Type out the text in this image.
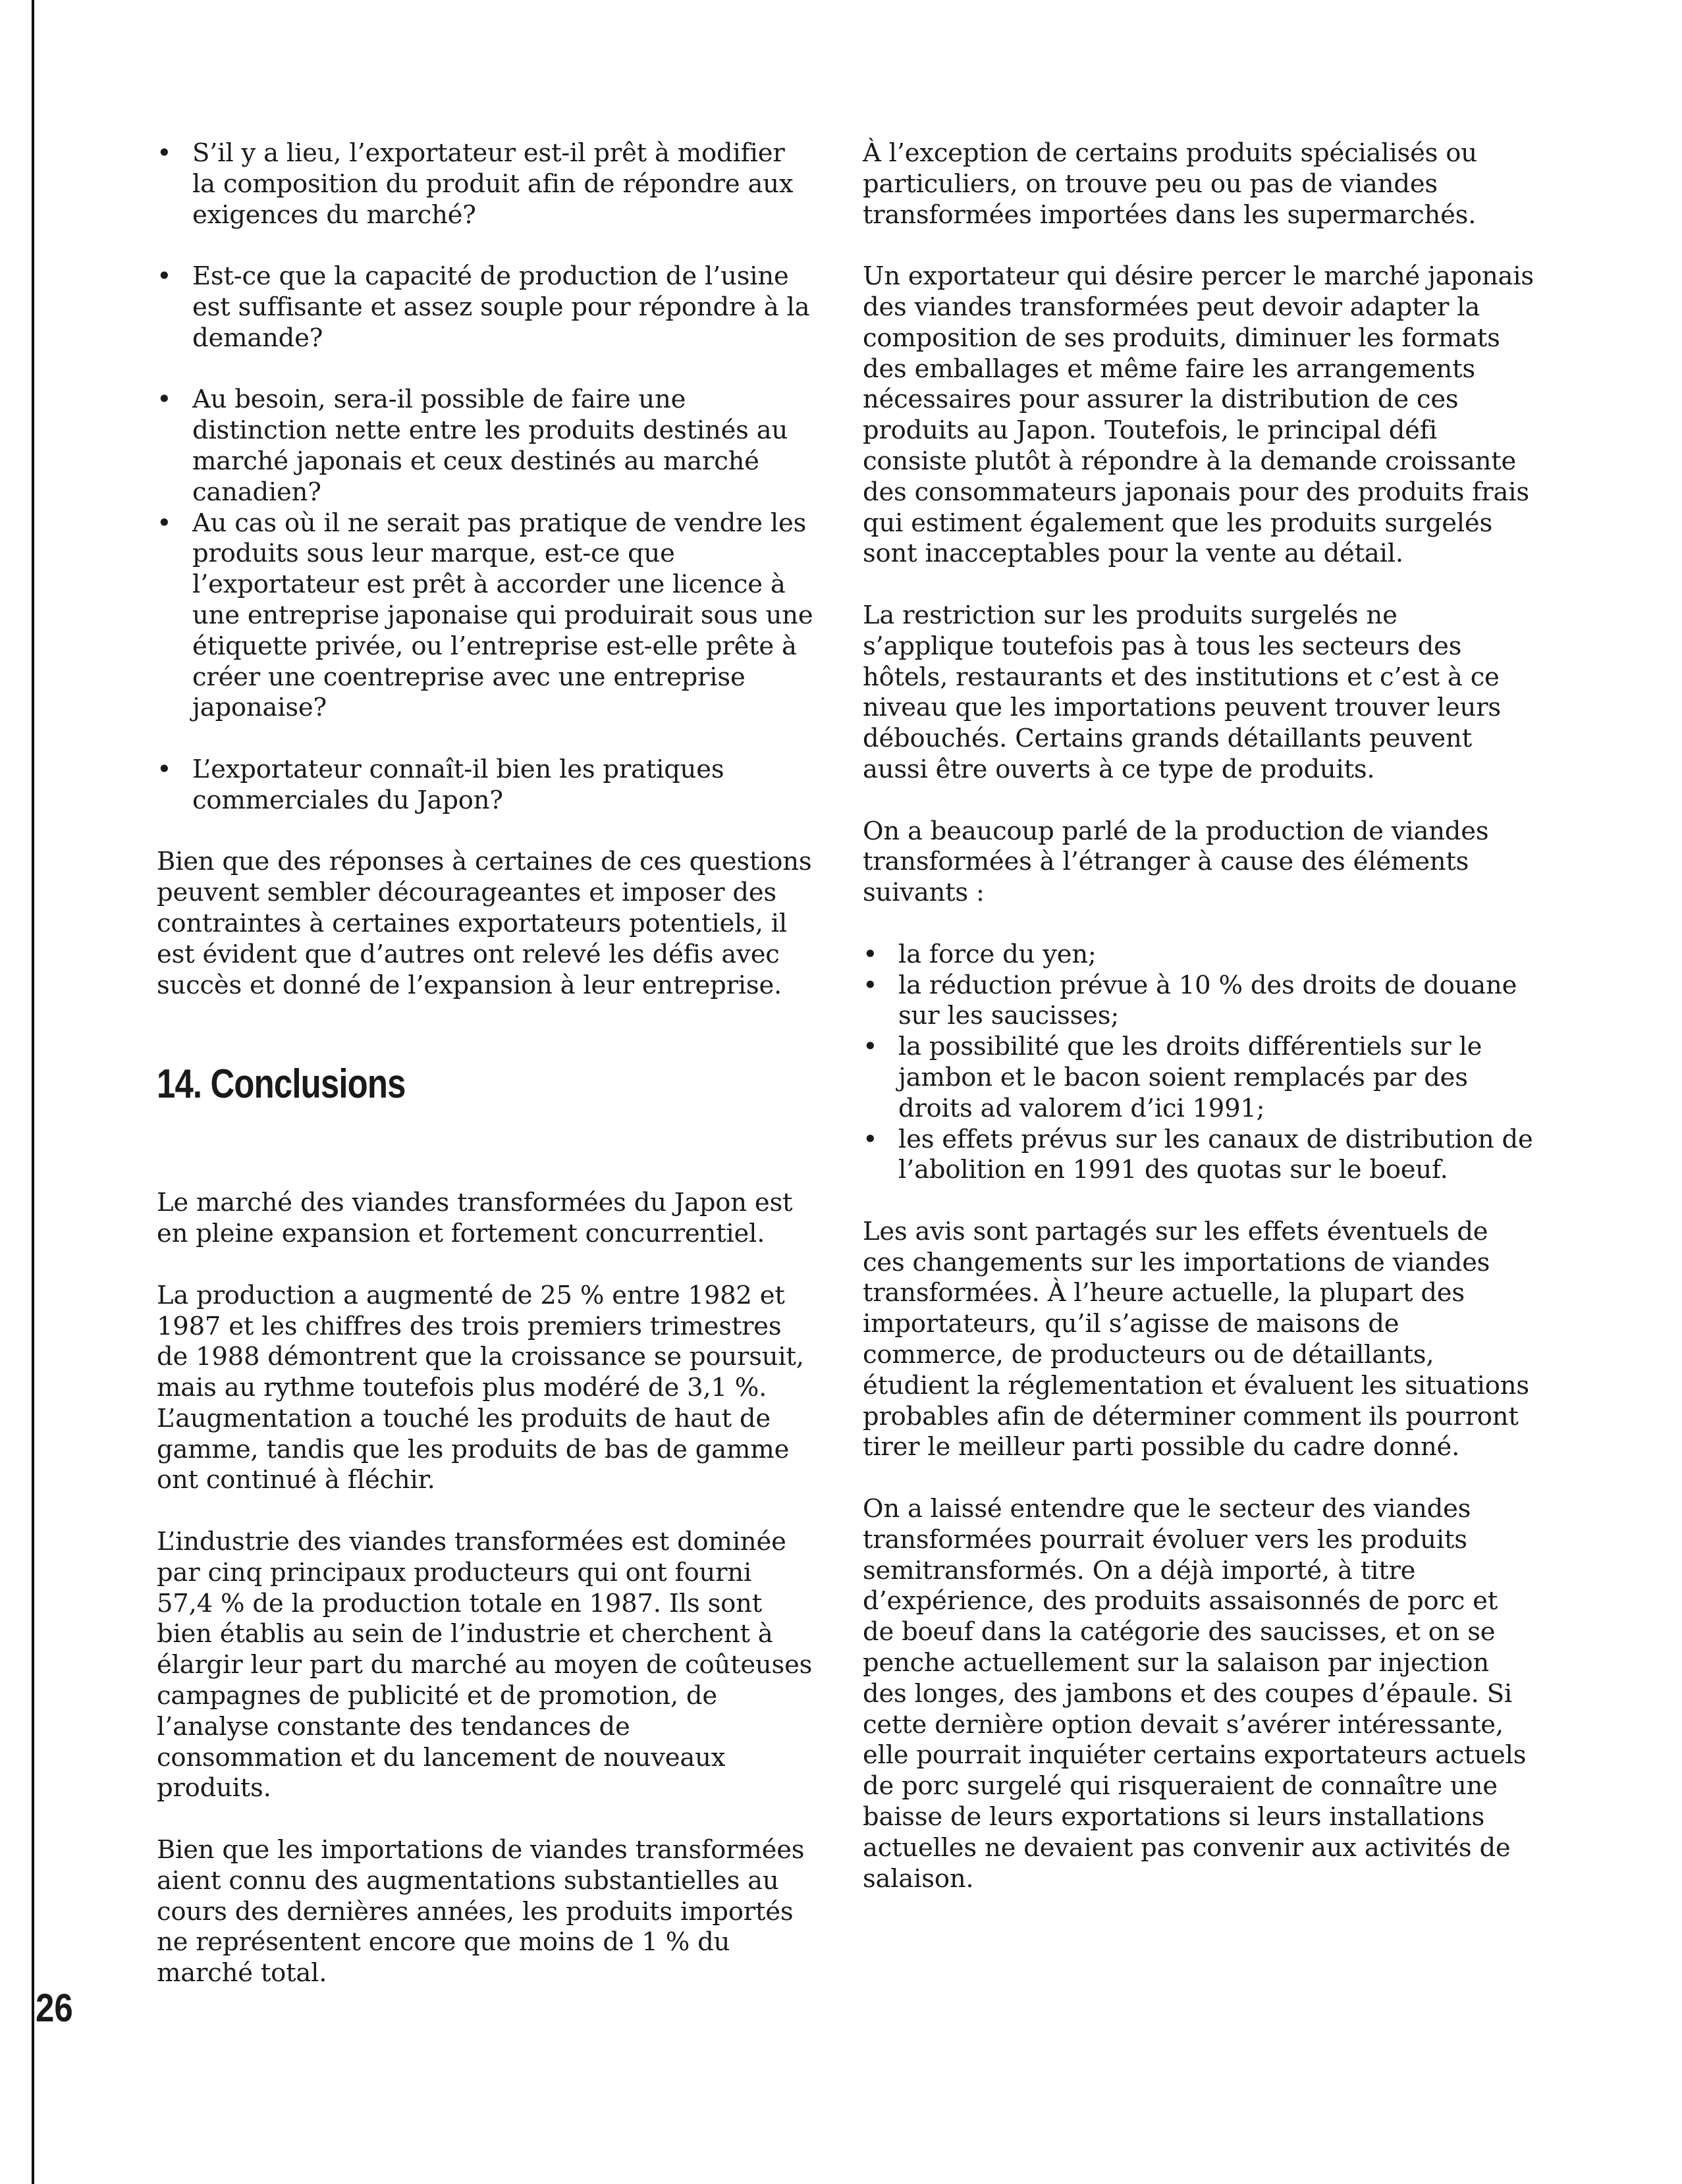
• S’il y a lieu, l’exportateur est-il prêt à modifier la composition du produit afin de répondre aux exigences du marché?
• Est-ce que la capacité de production de l’usine est suffisante et assez souple pour répondre à la demande?
• Au besoin, sera-il possible de faire une distinction nette entre les produits destinés au marché japonais et ceux destinés au marché canadien?
• Au cas où il ne serait pas pratique de vendre les produits sous leur marque, est-ce que l’exportateur est prêt à accorder une licence à une entreprise japonaise qui produirait sous une étiquette privée, ou l’entreprise est-elle prête à créer une coentreprise avec une entreprise japonaise?
• L’exportateur connaît-il bien les pratiques commerciales du Japon?

Bien que des réponses à certaines de ces questions peuvent sembler décourageantes et imposer des contraintes à certaines exportateurs potentiels, il est évident que d’autres ont relevé les défis avec succès et donné de l’expansion à leur entreprise.

14. Conclusions

Le marché des viandes transformées du Japon est en pleine expansion et fortement concurrentiel.

La production a augmenté de 25 % entre 1982 et 1987 et les chiffres des trois premiers trimestres de 1988 démontrent que la croissance se poursuit, mais au rythme toutefois plus modéré de 3,1 %. L’augmentation a touché les produits de haut de gamme, tandis que les produits de bas de gamme ont continué à fléchir.

L’industrie des viandes transformées est dominée par cinq principaux producteurs qui ont fourni 57,4 % de la production totale en 1987. Ils sont bien établis au sein de l’industrie et cherchent à élargir leur part du marché au moyen de coûteuses campagnes de publicité et de promotion, de l’analyse constante des tendances de consommation et du lancement de nouveaux produits.

Bien que les importations de viandes transformées aient connu des augmentations substantielles au cours des dernières années, les produits importés ne représentent encore que moins de 1 % du marché total.

À l’exception de certains produits spécialisés ou particuliers, on trouve peu ou pas de viandes transformées importées dans les supermarchés.

Un exportateur qui désire percer le marché japonais des viandes transformées peut devoir adapter la composition de ses produits, diminuer les formats des emballages et même faire les arrangements nécessaires pour assurer la distribution de ces produits au Japon. Toutefois, le principal défi consiste plutôt à répondre à la demande croissante des consommateurs japonais pour des produits frais qui estiment également que les produits surgelés sont inacceptables pour la vente au détail.

La restriction sur les produits surgelés ne s’applique toutefois pas à tous les secteurs des hôtels, restaurants et des institutions et c’est à ce niveau que les importations peuvent trouver leurs débouchés. Certains grands détaillants peuvent aussi être ouverts à ce type de produits.

On a beaucoup parlé de la production de viandes transformées à l’étranger à cause des éléments suivants :

• la force du yen;
• la réduction prévue à 10 % des droits de douane sur les saucisses;
• la possibilité que les droits différentiels sur le jambon et le bacon soient remplacés par des droits ad valorem d’ici 1991;
• les effets prévus sur les canaux de distribution de l’abolition en 1991 des quotas sur le boeuf.

Les avis sont partagés sur les effets éventuels de ces changements sur les importations de viandes transformées. À l’heure actuelle, la plupart des importateurs, qu’il s’agisse de maisons de commerce, de producteurs ou de détaillants, étudient la réglementation et évaluent les situations probables afin de déterminer comment ils pourront tirer le meilleur parti possible du cadre donné.

On a laissé entendre que le secteur des viandes transformées pourrait évoluer vers les produits semitransformés. On a déjà importé, à titre d’expérience, des produits assaisonnés de porc et de boeuf dans la catégorie des saucisses, et on se penche actuellement sur la salaison par injection des longes, des jambons et des coupes d’épaule. Si cette dernière option devait s’avérer intéressante, elle pourrait inquiéter certains exportateurs actuels de porc surgelé qui risqueraient de connaître une baisse de leurs exportations si leurs installations actuelles ne devaient pas convenir aux activités de salaison.

26
